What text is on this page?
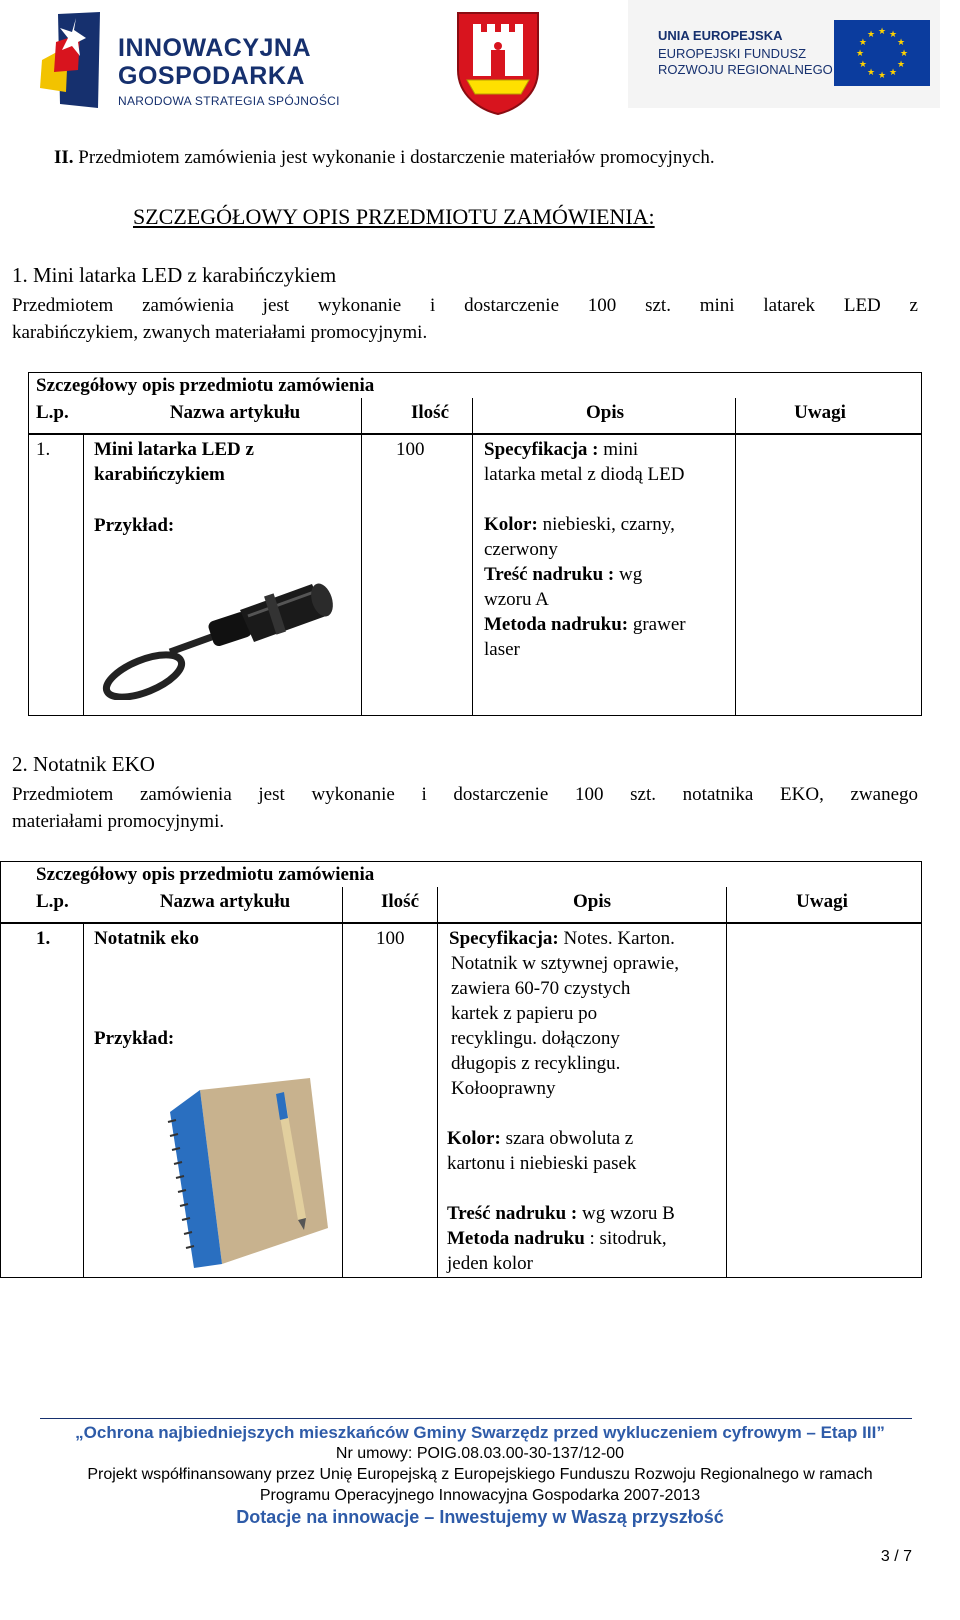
INNOWACYJNA
GOSPODARKA
NARODOWA STRATEGIA SPÓJNOŚCI
UNIA EUROPEJSKA
EUROPEJSKI FUNDUSZ
ROZWOJU REGIONALNEGO
★
★
★
★
★
★
★
★
★ ★ ★
★
II. Przedmiotem zamówienia jest wykonanie i dostarczenie materiałów promocyjnych.
SZCZEGÓŁOWY OPIS PRZEDMIOTU ZAMÓWIENIA:
1. Mini latarka LED z karabińczykiem
Przedmiotem zamówienia jest wykonanie i dostarczenie 100 szt. mini latarek LED z
karabińczykiem, zwanych materiałami promocyjnymi.
Szczegółowy opis przedmiotu zamówienia
L.p.	Nazwa artykułu	Ilość	Opis	Uwagi
1. Mini latarka LED z
karabińczykiem
Przykład:
100	Specyfikacja : mini
latarka metal z diodą LED
Kolor: niebieski, czarny,
czerwony
Treść nadruku : wg
wzoru A
Metoda nadruku: grawer
laser
2. Notatnik EKO
Przedmiotem zamówienia jest wykonanie i dostarczenie 100 szt. notatnika EKO, zwanego
materiałami promocyjnymi.
Szczegółowy opis przedmiotu zamówienia
L.p.	Nazwa artykułu	Ilość	Opis	Uwagi
1. Notatnik eko
Przykład:
100 Specyfikacja: Notes. Karton.
Notatnik w sztywnej oprawie,
zawiera 60-70 czystych
kartek z papieru po
recyklingu. dołączony
długopis z recyklingu.
Kołooprawny
Kolor: szara obwoluta z
kartonu i niebieski pasek
Treść nadruku : wg wzoru B
Metoda nadruku : sitodruk,
jeden kolor
„Ochrona najbiedniejszych mieszkańców Gminy Swarzędz przed wykluczeniem cyfrowym – Etap III”
Nr umowy: POIG.08.03.00-30-137/12-00
Projekt współfinansowany przez Unię Europejską z Europejskiego Funduszu Rozwoju Regionalnego w ramach
Programu Operacyjnego Innowacyjna Gospodarka 2007-2013
Dotacje na innowacje – Inwestujemy w Waszą przyszłość
3 / 7
